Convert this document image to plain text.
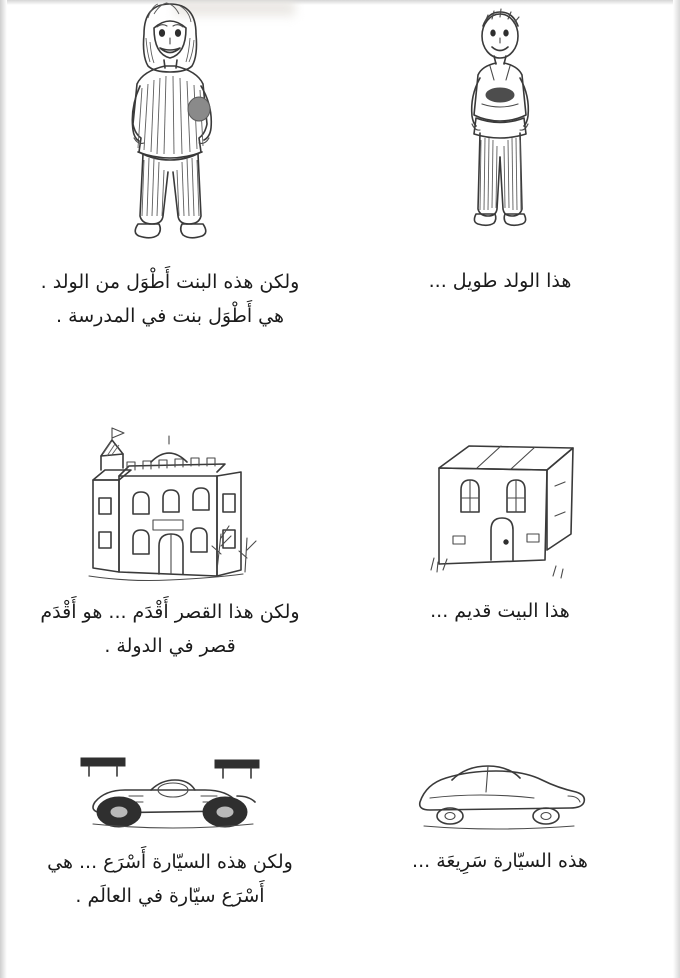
هذا الولد طويل ...
ولكن هذه البنت أَطْوَل من الولد . هي أَطْوَل بنت في المدرسة .
هذا البيت قديم ...
ولكن هذا القصر أَقْدَم ... هو أَقْدَم قصر في الدولة .
هذه السيّارة سَرِيعَة ...
ولكن هذه السيّارة أَسْرَع ... هي أَسْرَع سيّارة في العالَم .
